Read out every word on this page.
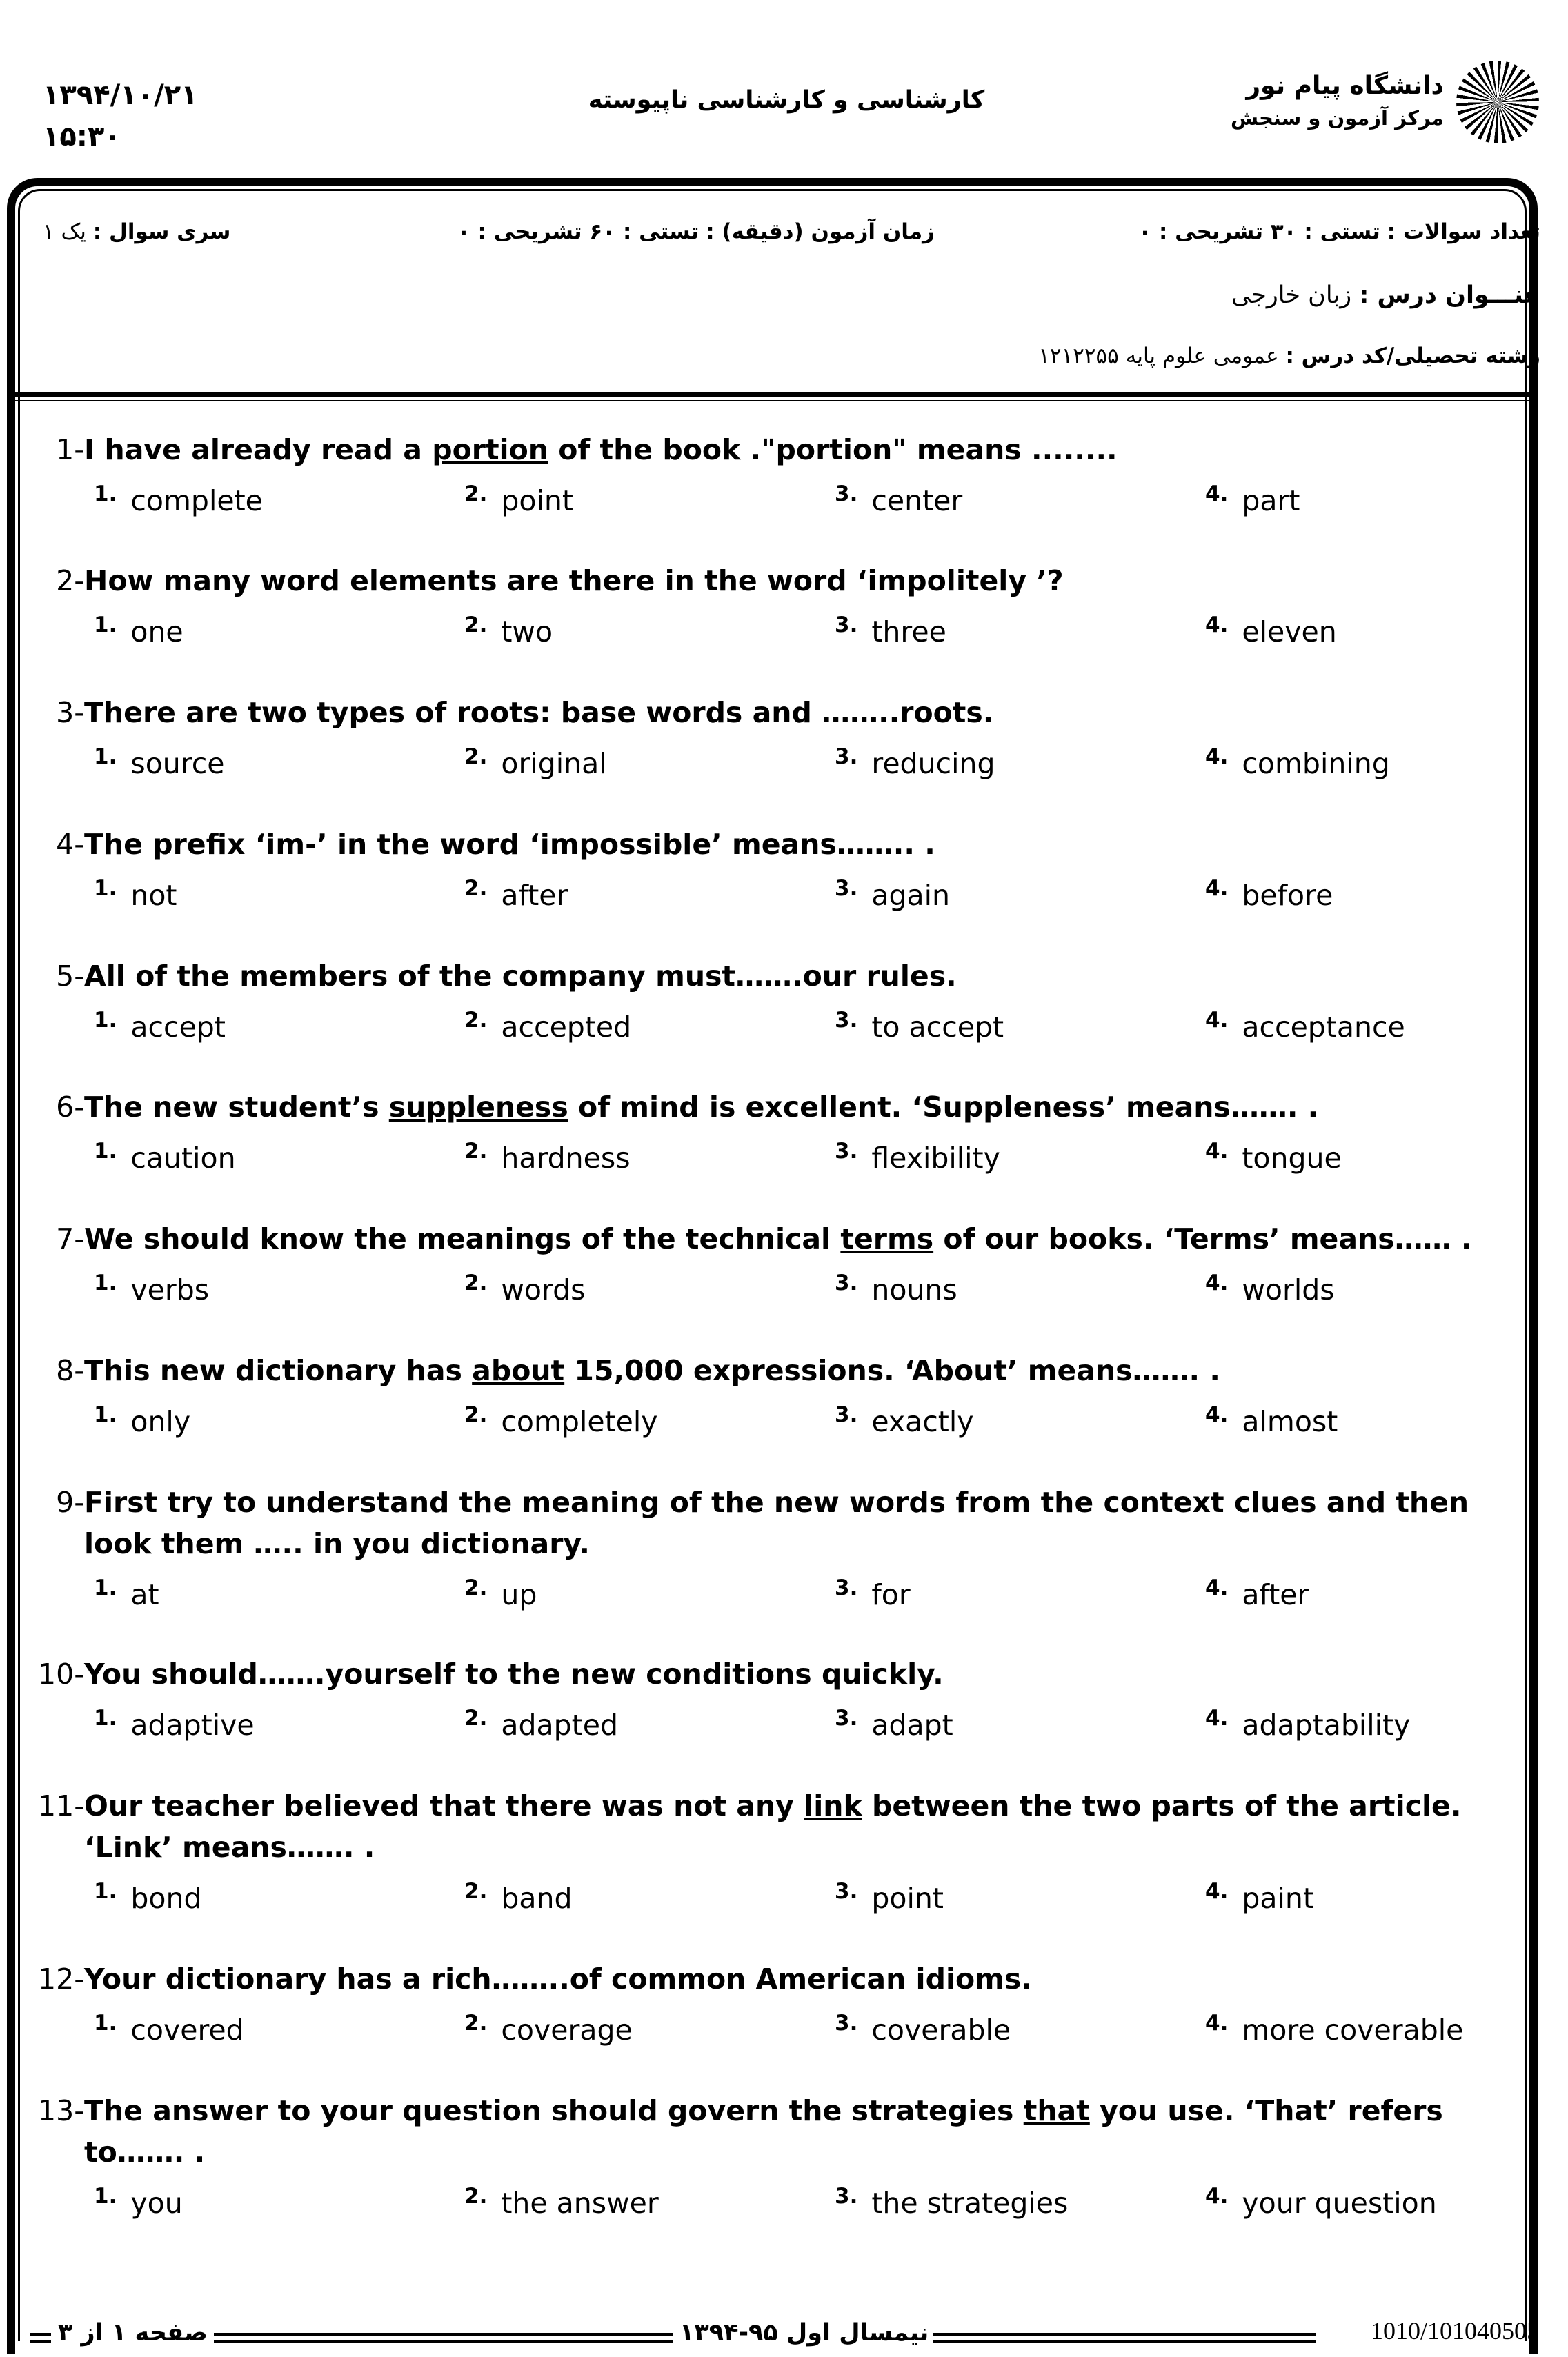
۱۳۹۴/۱۰/۲۱
۱۵:۳۰
کارشناسی و کارشناسی ناپیوسته	دانشگاه پیام نور
مرکز آزمون و سنجش
تعداد سوالات : تستی : ۳۰ تشریحی : ۰
زمان آزمون (دقیقه) : تستی : ۶۰ تشریحی : ۰
سری سوال : یک ۱
عنـــوان درس : زبان خارجی
رشته تحصیلی/کد درس : عمومی علوم پایه ۱۲۱۲۲۵۵
1- I have already read a portion of the book ."portion" means ........
1. complete	2. point	3. center	4. part
2- How many word elements are there in the word ‘impolitely ’?
1. one	2. two	3. three	4. eleven
3- There are two types of roots: base words and ……..roots.
1. source	2. original	3. reducing	4. combining
4- The prefix ‘im-’ in the word ‘impossible’ means…….. .
1. not	2. after	3. again	4. before
5- All of the members of the company must…….our rules.
1. accept	2. accepted	3. to accept	4. acceptance
6- The new student’s suppleness of mind is excellent. ‘Suppleness’ means……. .
1. caution	2. hardness	3. flexibility	4. tongue
7- We should know the meanings of the technical terms of our books. ‘Terms’ means…… .
1. verbs	2. words	3. nouns	4. worlds
8- This new dictionary has about 15,000 expressions. ‘About’ means……. .
1. only	2. completely	3. exactly	4. almost
9- First try to understand the meaning of the new words from the context clues and then look them ….. in you dictionary.
1. at	2. up	3. for	4. after
10- You should…….yourself to the new conditions quickly.
1. adaptive	2. adapted	3. adapt	4. adaptability
11- Our teacher believed that there was not any link between the two parts of the article. ‘Link’ means……. .
1. bond	2. band	3. point	4. paint
12- Your dictionary has a rich……..of common American idioms.
1. covered	2. coverage	3. coverable	4. more coverable
13- The answer to your question should govern the strategies that you use. ‘That’ refers to……. .
1. you	2. the answer	3. the strategies	4. your question
صفحه ۱ از ۳	نیمسال اول ۹۵-۱۳۹۴	1010/101040505
